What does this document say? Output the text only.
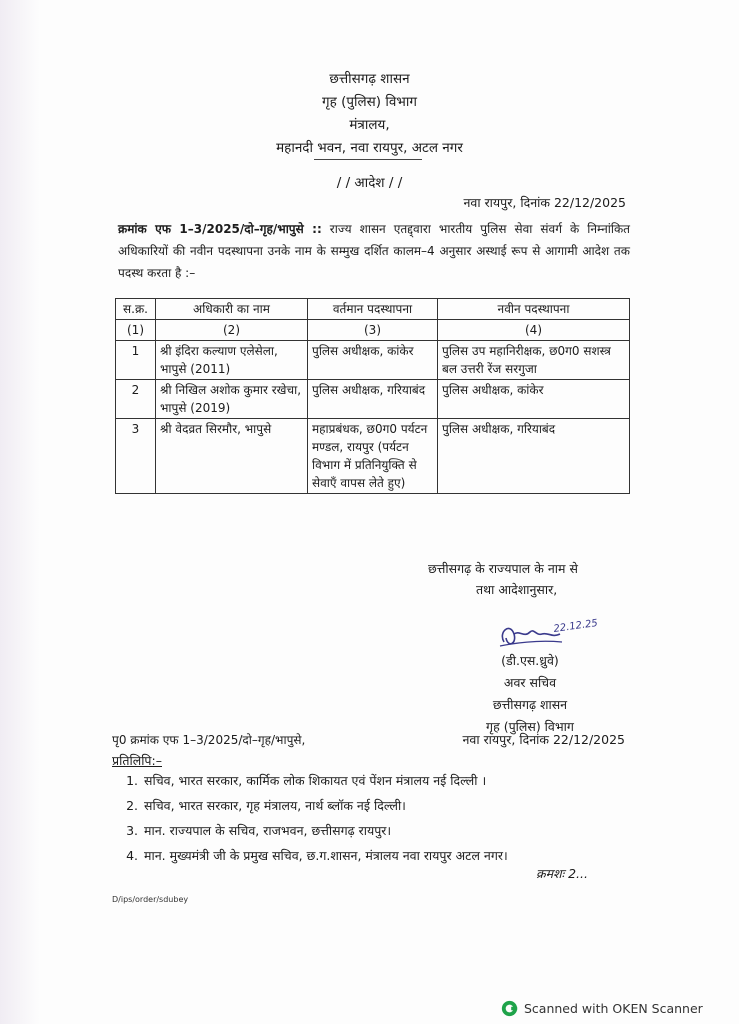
छत्तीसगढ़ शासन
गृह (पुलिस) विभाग
मंत्रालय,
महानदी भवन, नवा रायपुर, अटल नगर
/ / आदेश / /
नवा रायपुर, दिनांक 22/12/2025
क्रमांक एफ 1–3/2025/दो–गृह/भापुसे :: राज्य शासन एतद्द्वारा भारतीय पुलिस सेवा संवर्ग के निम्नांकित अधिकारियों की नवीन पदस्थापना उनके नाम के सम्मुख दर्शित कालम–4 अनुसार अस्थाई रूप से आगामी आदेश तक पदस्थ करता है :–
स.क्र.	अधिकारी का नाम	वर्तमान पदस्थापना	नवीन पदस्थापना
(1)	(2)	(3)	(4)
1	श्री इंदिरा कल्याण एलेसेला, भापुसे (2011)	पुलिस अधीक्षक, कांकेर	पुलिस उप महानिरीक्षक, छ0ग0 सशस्त्र बल उत्तरी रेंज सरगुजा
2	श्री निखिल अशोक कुमार रखेचा, भापुसे (2019)	पुलिस अधीक्षक, गरियाबंद	पुलिस अधीक्षक, कांकेर
3	श्री वेदव्रत सिरमौर, भापुसे	महाप्रबंधक, छ0ग0 पर्यटन मण्डल, रायपुर (पर्यटन विभाग में प्रतिनियुक्ति से सेवाएँ वापस लेते हुए)	पुलिस अधीक्षक, गरियाबंद
छत्तीसगढ़ के राज्यपाल के नाम से
तथा आदेशानुसार,
22.12.25
(डी.एस.ध्रुवे)
अवर सचिव
छत्तीसगढ़ शासन
गृह (पुलिस) विभाग
पृ0 क्रमांक एफ 1–3/2025/दो–गृह/भापुसे,	नवा रायपुर, दिनांक 22/12/2025
प्रतिलिपि:–
1. सचिव, भारत सरकार, कार्मिक लोक शिकायत एवं पेंशन मंत्रालय नई दिल्ली ।
2. सचिव, भारत सरकार, गृह मंत्रालय, नार्थ ब्लॉक नई दिल्ली।
3. मान. राज्यपाल के सचिव, राजभवन, छत्तीसगढ़ रायपुर।
4. मान. मुख्यमंत्री जी के प्रमुख सचिव, छ.ग.शासन, मंत्रालय नवा रायपुर अटल नगर।
क्रमशः 2...
D/ips/order/sdubey
Scanned with OKEN Scanner
